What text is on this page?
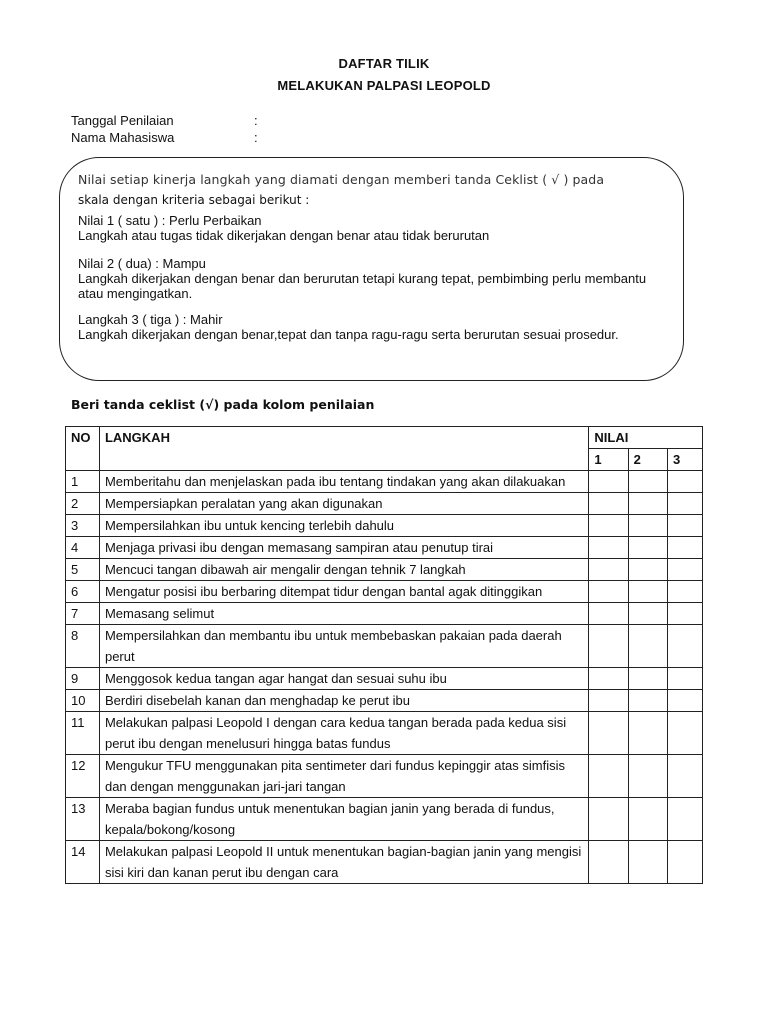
DAFTAR TILIK
MELAKUKAN PALPASI LEOPOLD
Tanggal Penilaian	:
Nama Mahasiswa	:
Nilai setiap kinerja langkah yang diamati dengan memberi tanda Ceklist ( √ ) pada
skala dengan kriteria sebagai berikut :
Nilai 1 ( satu ) : Perlu Perbaikan
Langkah atau tugas tidak dikerjakan dengan benar atau tidak berurutan
Nilai 2 ( dua) : Mampu
Langkah dikerjakan dengan benar dan berurutan tetapi kurang tepat, pembimbing perlu membantu atau mengingatkan.
Langkah 3 ( tiga ) : Mahir
Langkah dikerjakan dengan benar,tepat dan tanpa ragu-ragu serta berurutan sesuai prosedur.
Beri tanda ceklist (√) pada kolom penilaian
NO	LANGKAH	NILAI		
		1	2	3
1	Memberitahu dan menjelaskan pada ibu tentang tindakan yang akan dilakuakan			
2	Mempersiapkan peralatan yang akan digunakan			
3	Mempersilahkan ibu untuk kencing terlebih dahulu			
4	Menjaga privasi ibu dengan memasang sampiran atau penutup tirai			
5	Mencuci tangan dibawah air mengalir dengan tehnik 7 langkah			
6	Mengatur posisi ibu berbaring ditempat tidur dengan bantal agak ditinggikan			
7	Memasang selimut			
8	Mempersilahkan dan membantu ibu untuk membebaskan pakaian pada daerah perut			
9	Menggosok kedua tangan agar hangat dan sesuai suhu ibu			
10	Berdiri disebelah kanan dan menghadap ke perut ibu			
11	Melakukan palpasi Leopold I dengan cara kedua tangan berada pada kedua sisi perut ibu dengan menelusuri hingga batas fundus			
12	Mengukur TFU menggunakan pita sentimeter dari fundus kepinggir atas simfisis dan dengan menggunakan jari-jari tangan			
13	Meraba bagian fundus untuk menentukan bagian janin yang berada di fundus, kepala/bokong/kosong			
14	Melakukan palpasi Leopold II untuk menentukan bagian-bagian janin yang mengisi sisi kiri dan kanan perut ibu dengan cara			
